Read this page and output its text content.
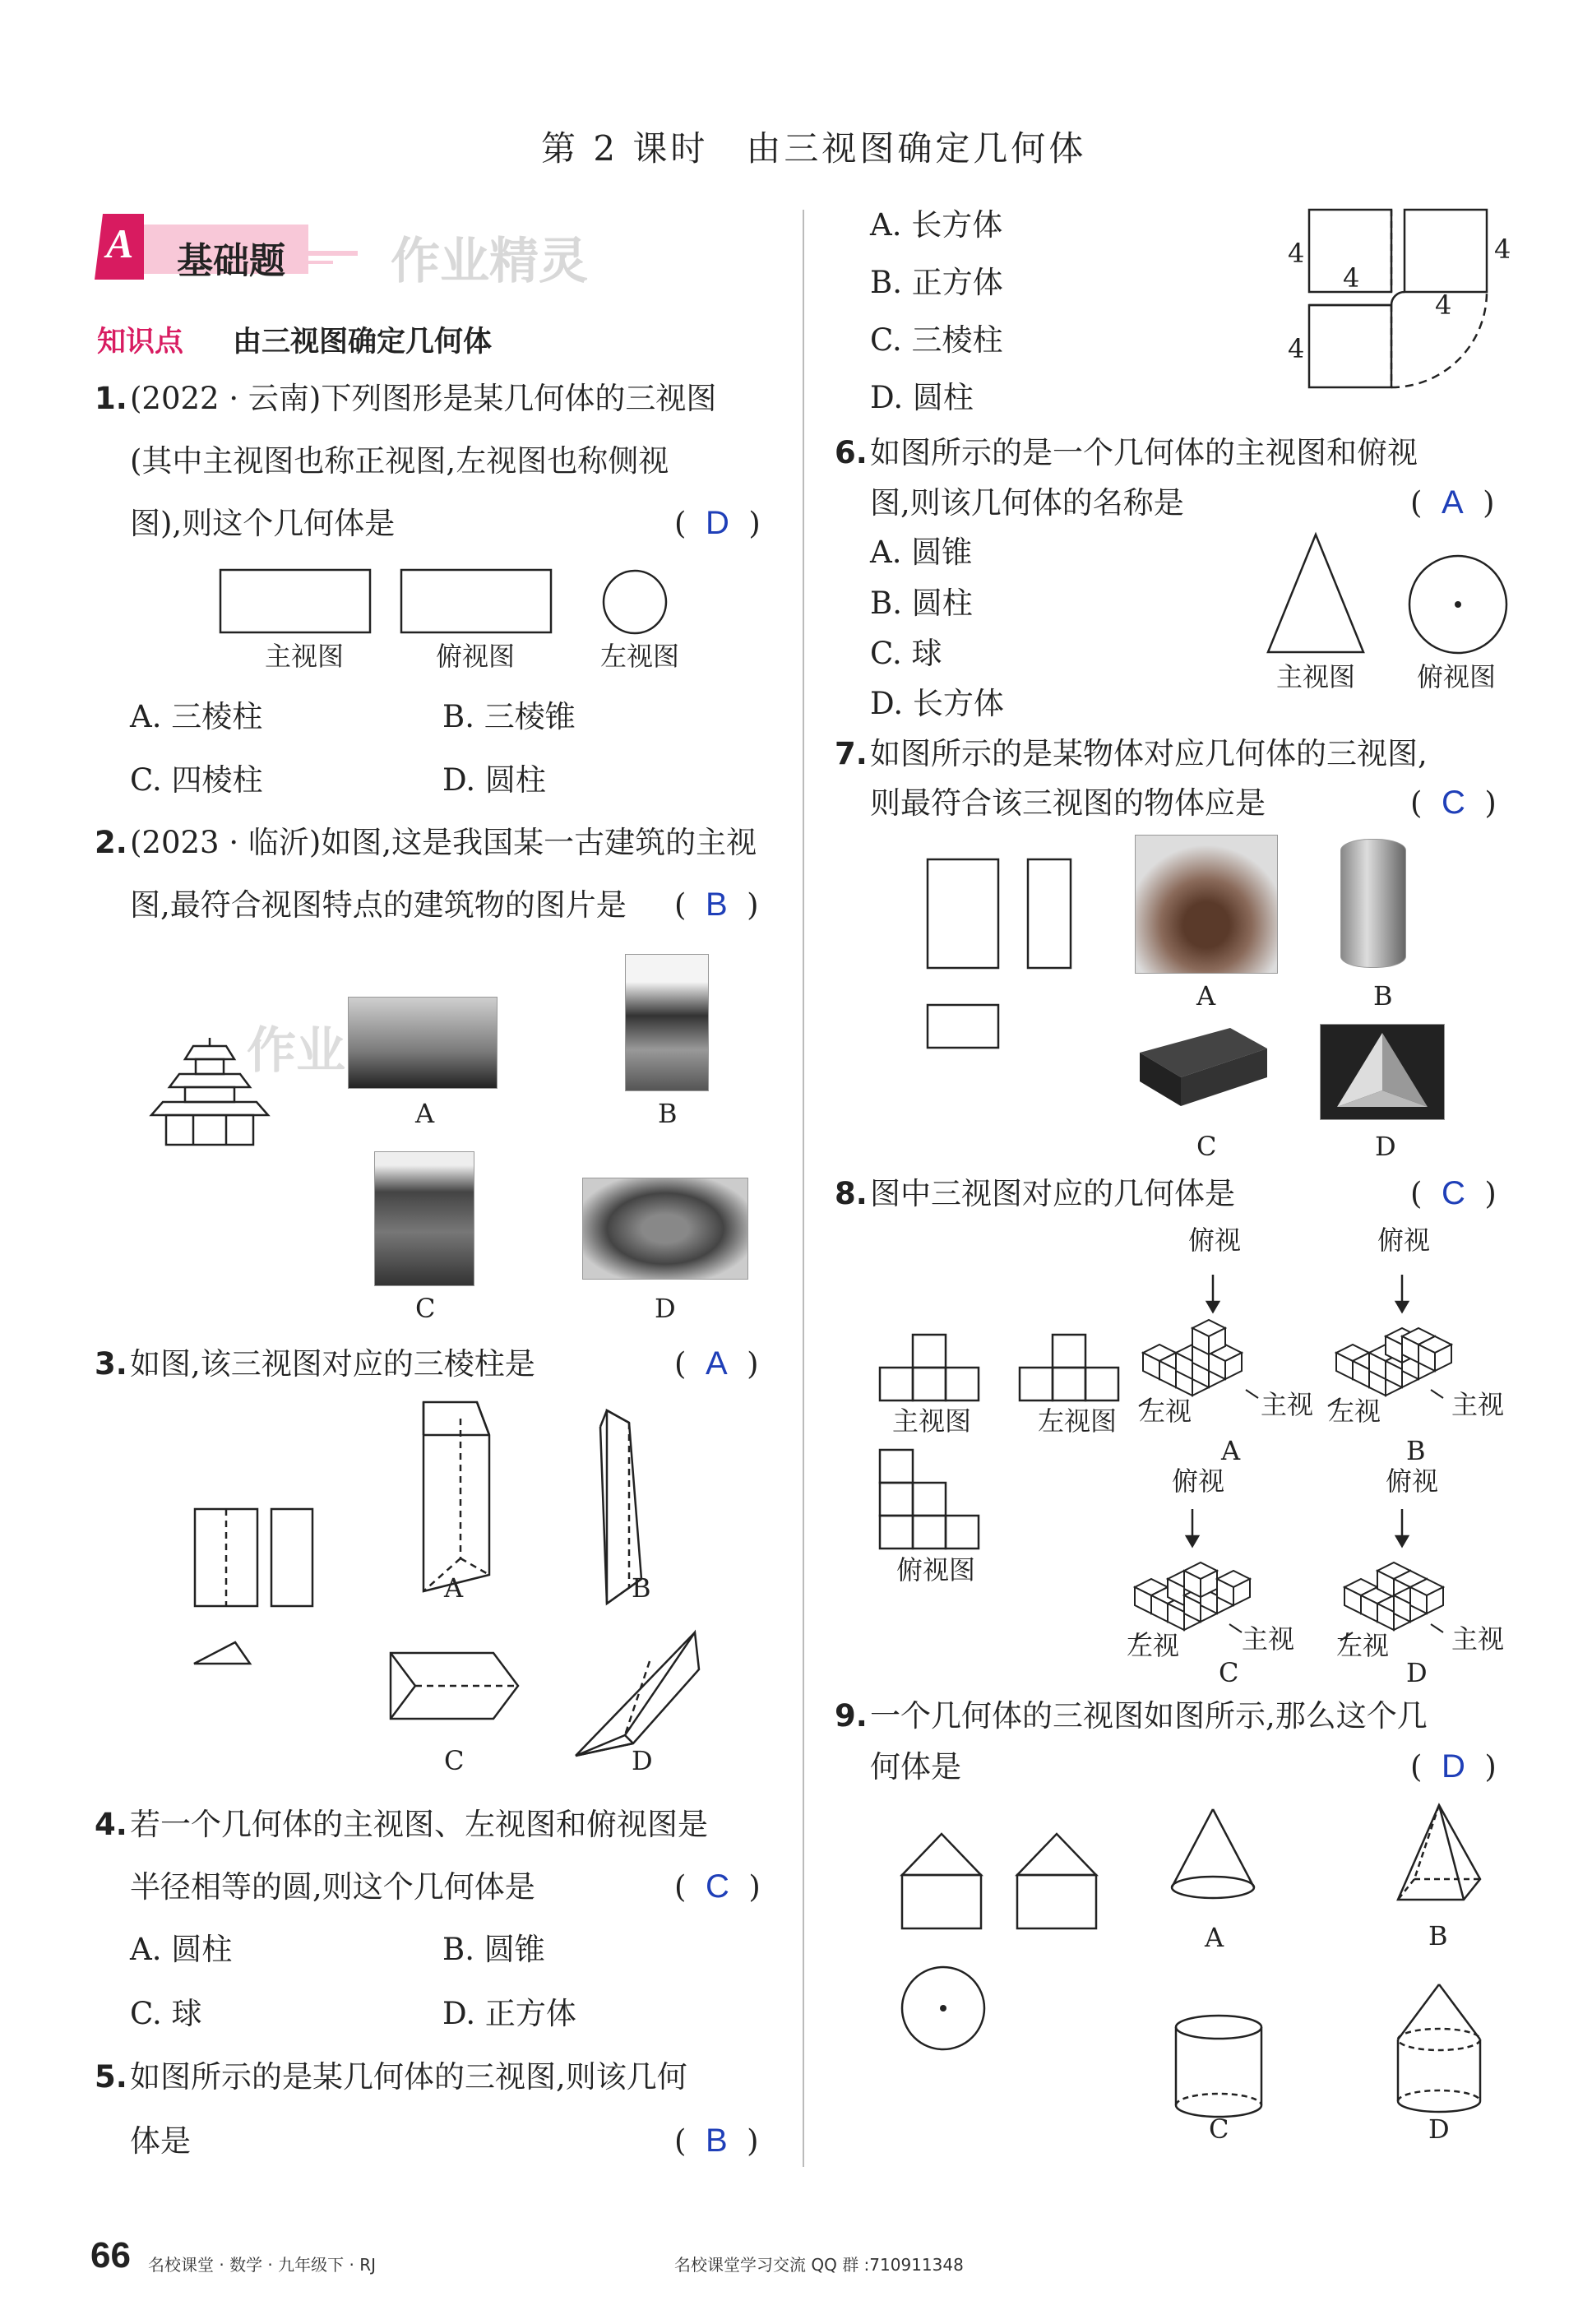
第 2 课时　由三视图确定几何体
A 基础题 作业精灵
知识点 由三视图确定几何体
1. (2022 · 云南)下列图形是某几何体的三视图
(其中主视图也称正视图,左视图也称侧视
图),则这个几何体是	(  D  )
主视图	俯视图	左视图
A. 三棱柱	B. 三棱锥
C. 四棱柱	D. 圆柱
2. (2023 · 临沂)如图,这是我国某一古建筑的主视
图,最符合视图特点的建筑物的图片是 (  B  )
作业
A	B
C	D
3. 如图,该三视图对应的三棱柱是	(  A  )
A	B
C	D
4. 若一个几何体的主视图、左视图和俯视图是
半径相等的圆,则这个几何体是	(  C  )
A. 圆柱	B. 圆锥
C. 球	D. 正方体
5. 如图所示的是某几何体的三视图,则该几何
体是	(  B  )
A. 长方体
B. 正方体
C. 三棱柱
D. 圆柱
4
4
4
4
4
6. 如图所示的是一个几何体的主视图和俯视
图,则该几何体的名称是	(  A  )
A. 圆锥
B. 圆柱
C. 球
D. 长方体
主视图 俯视图
7. 如图所示的是某物体对应几何体的三视图,
则最符合该三视图的物体应是	(  C  )
A	B
C	D
8. 图中三视图对应的几何体是	(  C  )
主视图	左视图
俯视图
俯视	俯视
左视	主视 左视	主视
A	B
俯视	俯视
左视 主视 左视 主视
C	D
9. 一个几何体的三视图如图所示,那么这个几
何体是	(  D  )
A	B
C	D
66 名校课堂 · 数学 · 九年级下 · RJ	名校课堂学习交流 QQ 群 :710911348
